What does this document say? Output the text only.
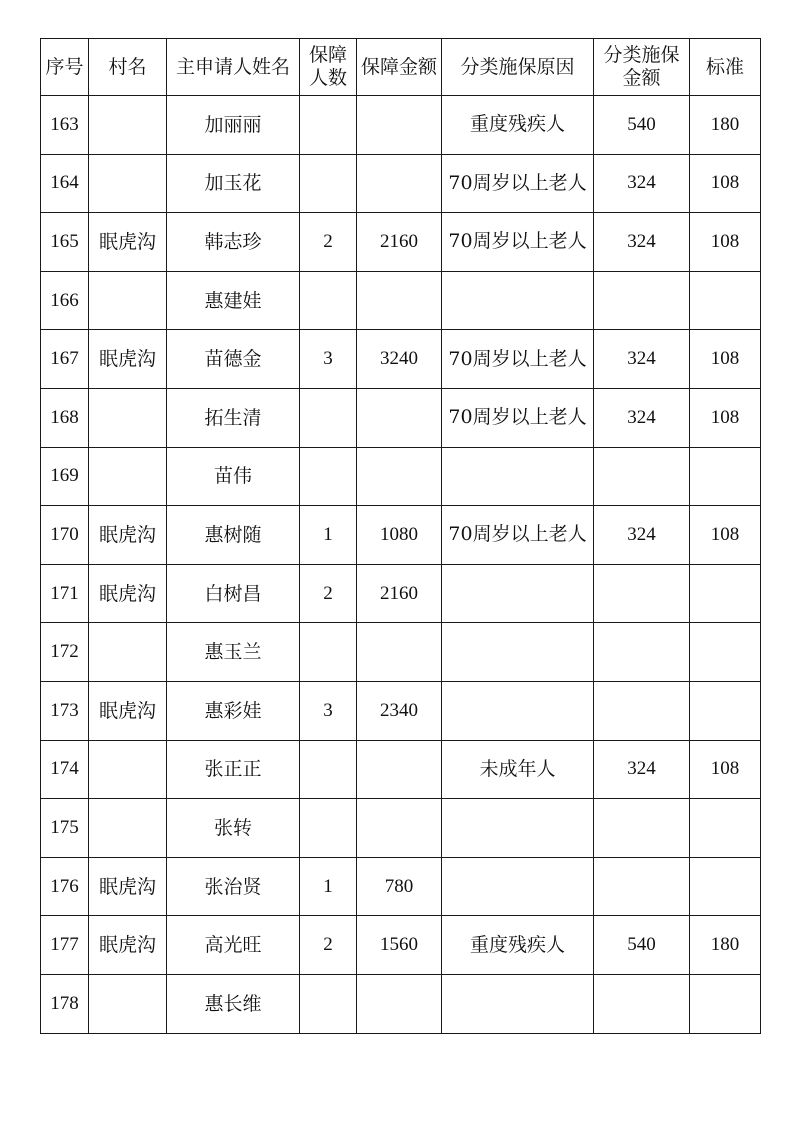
序号	村名	主申请人姓名	保障人数	保障金额	分类施保原因	分类施保金额	标准
163		加丽丽			重度残疾人	540	180
164		加玉花			70周岁以上老人	324	108
165	眠虎沟	韩志珍	2	2160	70周岁以上老人	324	108
166		惠建娃					
167	眠虎沟	苗德金	3	3240	70周岁以上老人	324	108
168		拓生清			70周岁以上老人	324	108
169		苗伟					
170	眠虎沟	惠树随	1	1080	70周岁以上老人	324	108
171	眠虎沟	白树昌	2	2160			
172		惠玉兰					
173	眠虎沟	惠彩娃	3	2340			
174		张正正			未成年人	324	108
175		张转					
176	眠虎沟	张治贤	1	780			
177	眠虎沟	高光旺	2	1560	重度残疾人	540	180
178		惠长维					
